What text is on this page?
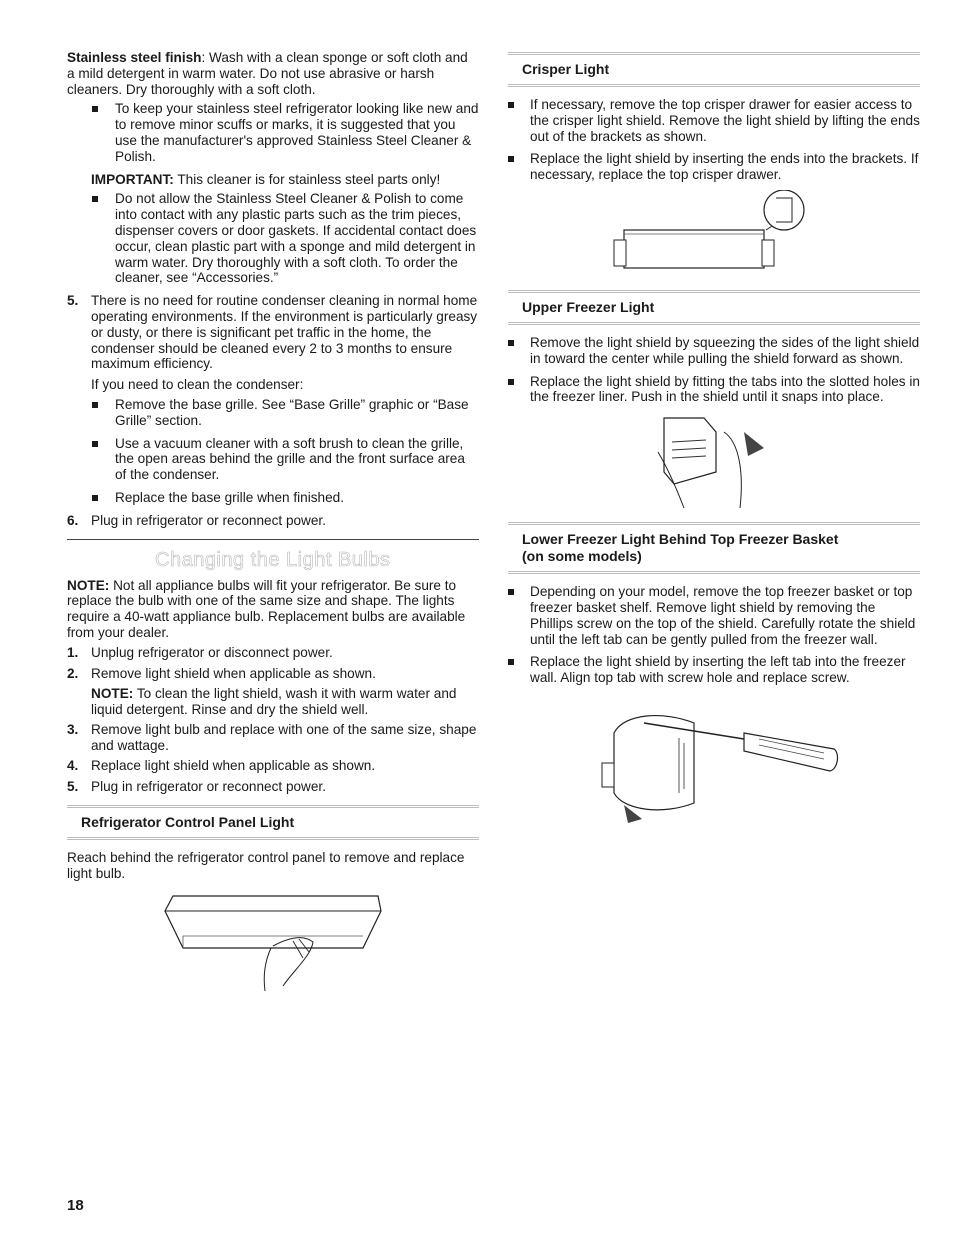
Stainless steel finish: Wash with a clean sponge or soft cloth and a mild detergent in warm water. Do not use abrasive or harsh cleaners. Dry thoroughly with a soft cloth.

To keep your stainless steel refrigerator looking like new and to remove minor scuffs or marks, it is suggested that you use the manufacturer's approved Stainless Steel Cleaner & Polish.

IMPORTANT: This cleaner is for stainless steel parts only!

Do not allow the Stainless Steel Cleaner & Polish to come into contact with any plastic parts such as the trim pieces, dispenser covers or door gaskets. If accidental contact does occur, clean plastic part with a sponge and mild detergent in warm water. Dry thoroughly with a soft cloth. To order the cleaner, see “Accessories.”
5. There is no need for routine condenser cleaning in normal home operating environments. If the environment is particularly greasy or dusty, or there is significant pet traffic in the home, the condenser should be cleaned every 2 to 3 months to ensure maximum efficiency.

If you need to clean the condenser:

Remove the base grille. See “Base Grille” graphic or “Base Grille” section.
Use a vacuum cleaner with a soft brush to clean the grille, the open areas behind the grille and the front surface area of the condenser.
Replace the base grille when finished.
6. Plug in refrigerator or reconnect power.
Changing the Light Bulbs

NOTE: Not all appliance bulbs will fit your refrigerator. Be sure to replace the bulb with one of the same size and shape. The lights require a 40-watt appliance bulb. Replacement bulbs are available from your dealer.

1. Unplug refrigerator or disconnect power.
2. Remove light shield when applicable as shown.

NOTE: To clean the light shield, wash it with warm water and liquid detergent. Rinse and dry the shield well.

3. Remove light bulb and replace with one of the same size, shape and wattage.
4. Replace light shield when applicable as shown.
5. Plug in refrigerator or reconnect power.
Refrigerator Control Panel Light

Reach behind the refrigerator control panel to remove and replace light bulb.

Crisper Light
If necessary, remove the top crisper drawer for easier access to the crisper light shield. Remove the light shield by lifting the ends out of the brackets as shown.
Replace the light shield by inserting the ends into the brackets. If necessary, replace the top crisper drawer.
Upper Freezer Light
Remove the light shield by squeezing the sides of the light shield in toward the center while pulling the shield forward as shown.
Replace the light shield by fitting the tabs into the slotted holes in the freezer liner. Push in the shield until it snaps into place.
Lower Freezer Light Behind Top Freezer Basket
(on some models)
Depending on your model, remove the top freezer basket or top freezer basket shelf. Remove light shield by removing the Phillips screw on the top of the shield. Carefully rotate the shield until the left tab can be gently pulled from the freezer wall.
Replace the light shield by inserting the left tab into the freezer wall. Align top tab with screw hole and replace screw.
18
